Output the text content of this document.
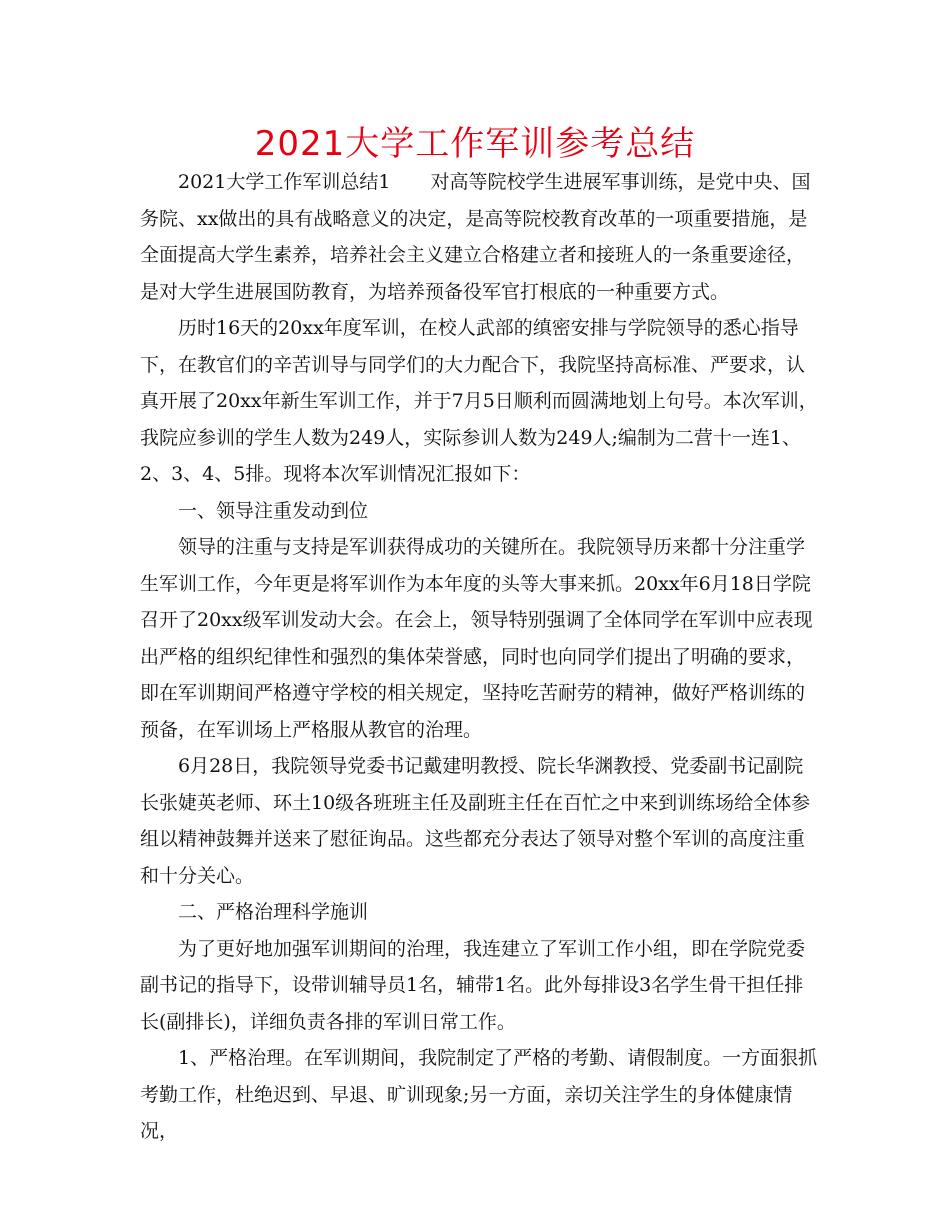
2021大学工作军训参考总结

2021大学工作军训总结1 对高等院校学生进展军事训练，是党中央、国务院、xx做出的具有战略意义的决定，是高等院校教育改革的一项重要措施，是全面提高大学生素养，培养社会主义建立合格建立者和接班人的一条重要途径，是对大学生进展国防教育，为培养预备役军官打根底的一种重要方式。

历时16天的20xx年度军训，在校人武部的缜密安排与学院领导的悉心指导下，在教官们的辛苦训导与同学们的大力配合下，我院坚持高标准、严要求，认真开展了20xx年新生军训工作，并于7月5日顺利而圆满地划上句号。本次军训，我院应参训的学生人数为249人，实际参训人数为249人;编制为二营十一连1、2、3、4、5排。现将本次军训情况汇报如下：

一、领导注重发动到位

领导的注重与支持是军训获得成功的关键所在。我院领导历来都十分注重学生军训工作，今年更是将军训作为本年度的头等大事来抓。20xx年6月18日学院召开了20xx级军训发动大会。在会上，领导特别强调了全体同学在军训中应表现出严格的组织纪律性和强烈的集体荣誉感，同时也向同学们提出了明确的要求，即在军训期间严格遵守学校的相关规定，坚持吃苦耐劳的精神，做好严格训练的预备，在军训场上严格服从教官的治理。

6月28日，我院领导党委书记戴建明教授、院长华渊教授、党委副书记副院长张婕英老师、环土10级各班班主任及副班主任在百忙之中来到训练场给全体参组以精神鼓舞并送来了慰征询品。这些都充分表达了领导对整个军训的高度注重和十分关心。

二、严格治理科学施训

为了更好地加强军训期间的治理，我连建立了军训工作小组，即在学院党委副书记的指导下，设带训辅导员1名，辅带1名。此外每排设3名学生骨干担任排长(副排长)，详细负责各排的军训日常工作。

1、严格治理。在军训期间，我院制定了严格的考勤、请假制度。一方面狠抓考勤工作，杜绝迟到、早退、旷训现象;另一方面，亲切关注学生的身体健康情况，
